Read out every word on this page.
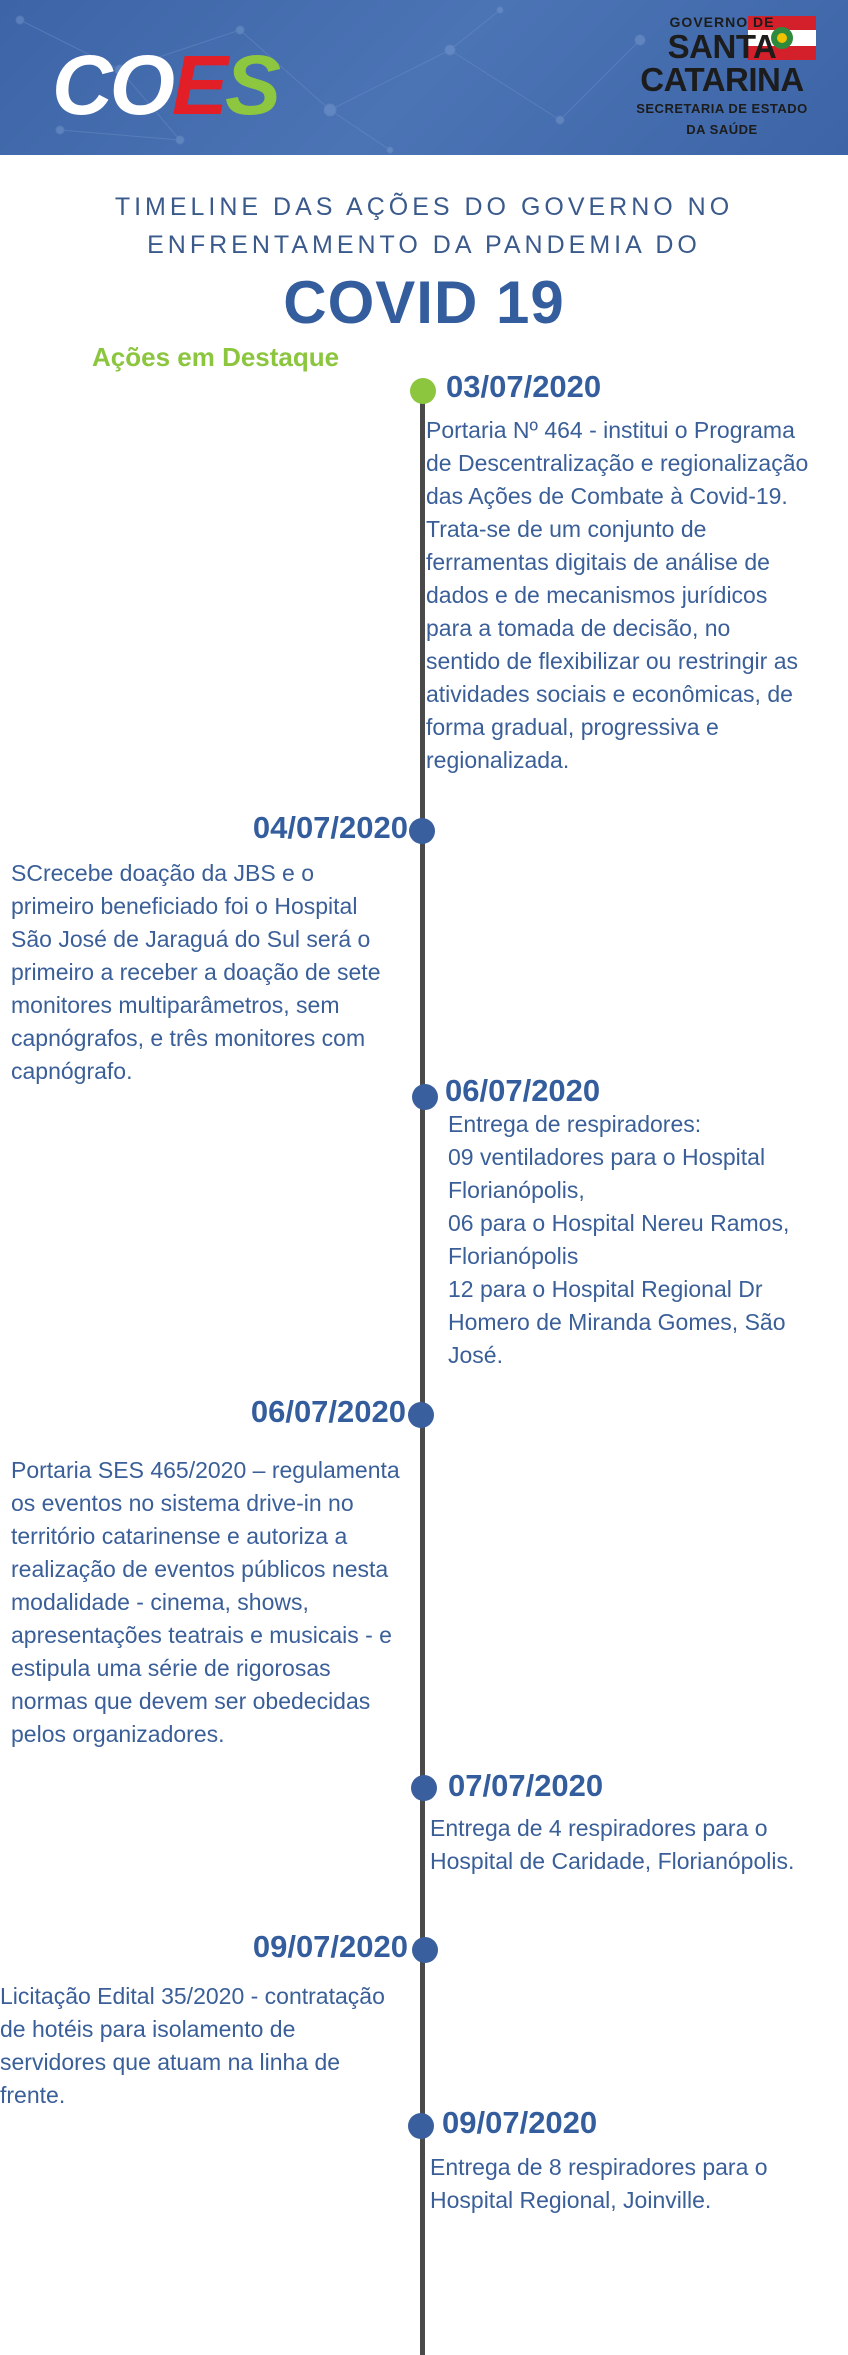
COES
GOVERNO DE
SANTA
CATARINA
SECRETARIA DE ESTADO
DA SAÚDE
TIMELINE DAS AÇÕES DO GOVERNO NO
ENFRENTAMENTO DA PANDEMIA DO
COVID 19
Ações em Destaque
03/07/2020
Portaria Nº 464 - institui o Programa
de Descentralização e regionalização
das Ações de Combate à Covid-19.
Trata-se de um conjunto de
ferramentas digitais de análise de
dados e de mecanismos jurídicos
para a tomada de decisão, no
sentido de flexibilizar ou restringir as
atividades sociais e econômicas, de
forma gradual, progressiva e
regionalizada.
04/07/2020
SCrecebe doação da JBS e o
primeiro beneficiado foi o Hospital
São José de Jaraguá do Sul será o
primeiro a receber a doação de sete
monitores multiparâmetros, sem
capnógrafos, e três monitores com
capnógrafo.
06/07/2020
Entrega de respiradores:
09 ventiladores para o Hospital
Florianópolis,
06 para o Hospital Nereu Ramos,
Florianópolis
12 para o Hospital Regional Dr
Homero de Miranda Gomes, São
José.
06/07/2020
Portaria SES 465/2020 – regulamenta
os eventos no sistema drive-in no
território catarinense e autoriza a
realização de eventos públicos nesta
modalidade - cinema, shows,
apresentações teatrais e musicais - e
estipula uma série de rigorosas
normas que devem ser obedecidas
pelos organizadores.
07/07/2020
Entrega de 4 respiradores para o
Hospital de Caridade, Florianópolis.
09/07/2020
Licitação Edital 35/2020 - contratação
de hotéis para isolamento de
servidores que atuam na linha de
frente.
09/07/2020
Entrega de 8 respiradores para o
Hospital Regional, Joinville.
